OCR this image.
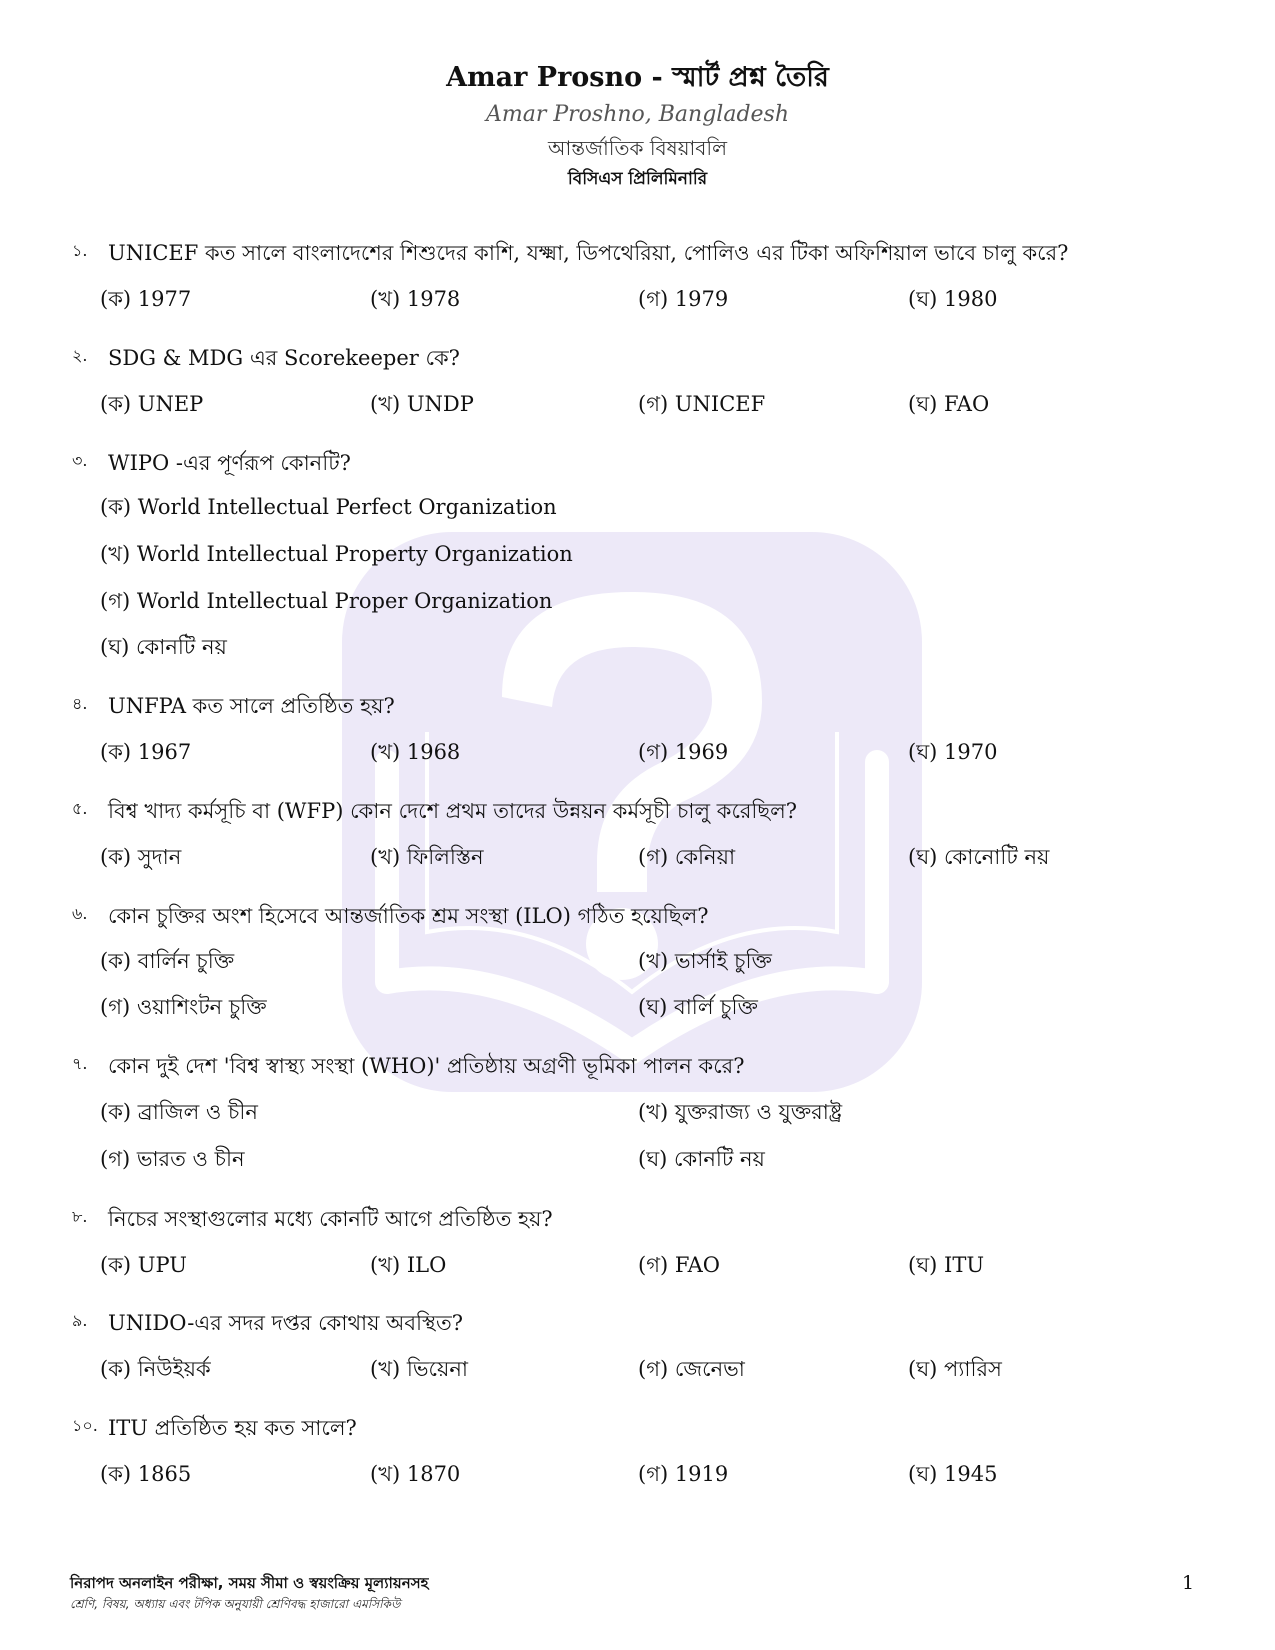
Amar Prosno - স্মার্ট প্রশ্ন তৈরি
Amar Proshno, Bangladesh
আন্তর্জাতিক বিষয়াবলি
বিসিএস প্রিলিমিনারি
১. UNICEF কত সালে বাংলাদেশের শিশুদের কাশি, যক্ষ্মা, ডিপথেরিয়া, পোলিও এর টিকা অফিশিয়াল ভাবে চালু করে?
(ক) 1977	(খ) 1978	(গ) 1979	(ঘ) 1980
২. SDG & MDG এর Scorekeeper কে?
(ক) UNEP	(খ) UNDP	(গ) UNICEF	(ঘ) FAO
৩. WIPO -এর পূর্ণরূপ কোনটি?
(ক) World Intellectual Perfect Organization
(খ) World Intellectual Property Organization
(গ) World Intellectual Proper Organization
(ঘ) কোনটি নয়
৪. UNFPA কত সালে প্রতিষ্ঠিত হয়?
(ক) 1967	(খ) 1968	(গ) 1969	(ঘ) 1970
৫. বিশ্ব খাদ্য কর্মসূচি বা (WFP) কোন দেশে প্রথম তাদের উন্নয়ন কর্মসূচী চালু করেছিল?
(ক) সুদান	(খ) ফিলিস্তিন	(গ) কেনিয়া	(ঘ) কোনোটি নয়
৬. কোন চুক্তির অংশ হিসেবে আন্তর্জাতিক শ্রম সংস্থা (ILO) গঠিত হয়েছিল?
(ক) বার্লিন চুক্তি	(খ) ভার্সাই চুক্তি
(গ) ওয়াশিংটন চুক্তি	(ঘ) বার্লি চুক্তি
৭. কোন দুই দেশ 'বিশ্ব স্বাস্থ্য সংস্থা (WHO)' প্রতিষ্ঠায় অগ্রণী ভূমিকা পালন করে?
(ক) ব্রাজিল ও চীন	(খ) যুক্তরাজ্য ও যুক্তরাষ্ট্র
(গ) ভারত ও চীন	(ঘ) কোনটি নয়
৮. নিচের সংস্থাগুলোর মধ্যে কোনটি আগে প্রতিষ্ঠিত হয়?
(ক) UPU	(খ) ILO	(গ) FAO	(ঘ) ITU
৯. UNIDO-এর সদর দপ্তর কোথায় অবস্থিত?
(ক) নিউইয়র্ক	(খ) ভিয়েনা	(গ) জেনেভা	(ঘ) প্যারিস
১০. ITU প্রতিষ্ঠিত হয় কত সালে?
(ক) 1865	(খ) 1870	(গ) 1919	(ঘ) 1945
নিরাপদ অনলাইন পরীক্ষা, সময় সীমা ও স্বয়ংক্রিয় মূল্যায়নসহ
শ্রেণি, বিষয়, অধ্যায় এবং টপিক অনুযায়ী শ্রেণিবদ্ধ হাজারো এমসিকিউ
1
